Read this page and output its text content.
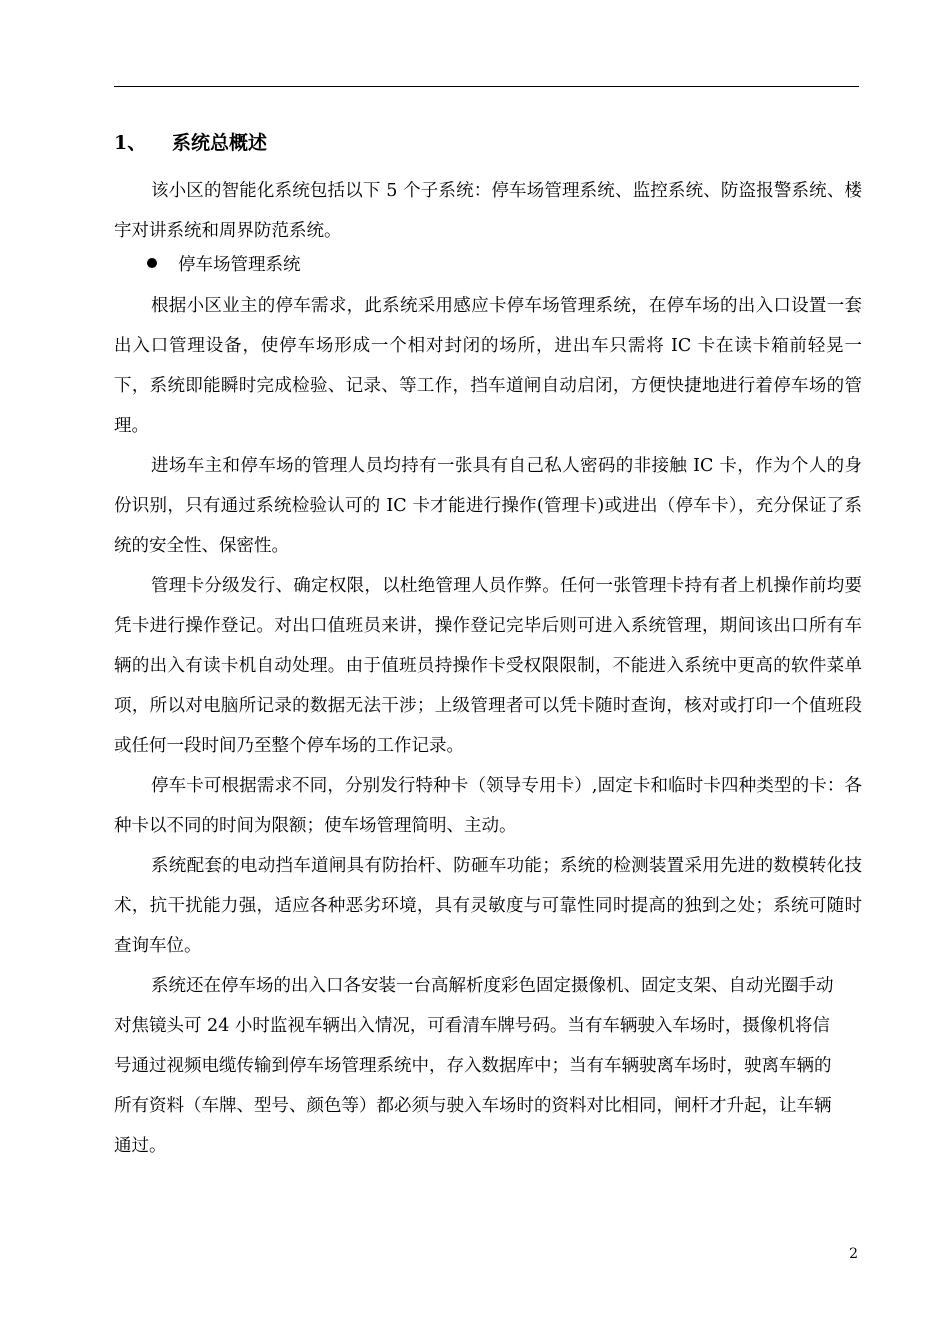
1、 系统总概述

该小区的智能化系统包括以下 5 个子系统：停车场管理系统、监控系统、防盗报警系统、楼宇对讲系统和周界防范系统。

停车场管理系统

根据小区业主的停车需求，此系统采用感应卡停车场管理系统，在停车场的出入口设置一套出入口管理设备，使停车场形成一个相对封闭的场所，进出车只需将 IC 卡在读卡箱前轻晃一下，系统即能瞬时完成检验、记录、等工作，挡车道闸自动启闭，方便快捷地进行着停车场的管理。

进场车主和停车场的管理人员均持有一张具有自己私人密码的非接触 IC 卡，作为个人的身份识别，只有通过系统检验认可的 IC 卡才能进行操作(管理卡)或进出（停车卡），充分保证了系统的安全性、保密性。

管理卡分级发行、确定权限，以杜绝管理人员作弊。任何一张管理卡持有者上机操作前均要凭卡进行操作登记。对出口值班员来讲，操作登记完毕后则可进入系统管理，期间该出口所有车辆的出入有读卡机自动处理。由于值班员持操作卡受权限限制，不能进入系统中更高的软件菜单项，所以对电脑所记录的数据无法干涉；上级管理者可以凭卡随时查询，核对或打印一个值班段或任何一段时间乃至整个停车场的工作记录。

停车卡可根据需求不同，分别发行特种卡（领导专用卡）,固定卡和临时卡四种类型的卡：各种卡以不同的时间为限额；使车场管理简明、主动。

系统配套的电动挡车道闸具有防抬杆、防砸车功能；系统的检测装置采用先进的数模转化技术，抗干扰能力强，适应各种恶劣环境，具有灵敏度与可靠性同时提高的独到之处；系统可随时查询车位。

系统还在停车场的出入口各安装一台高解析度彩色固定摄像机、固定支架、自动光圈手动对焦镜头可 24 小时监视车辆出入情况，可看清车牌号码。当有车辆驶入车场时，摄像机将信号通过视频电缆传输到停车场管理系统中，存入数据库中；当有车辆驶离车场时，驶离车辆的所有资料（车牌、型号、颜色等）都必须与驶入车场时的资料对比相同，闸杆才升起，让车辆通过。

2
